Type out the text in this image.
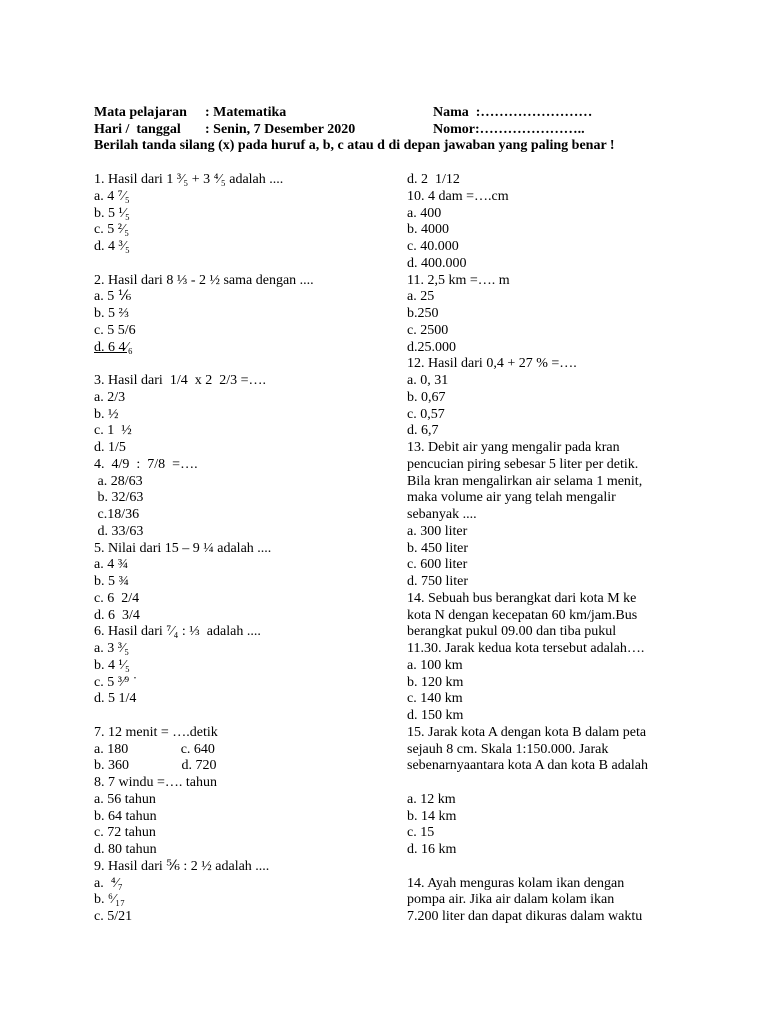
Mata pelajaran : Matematika	Nama  :……………………
Hari /  tanggal : Senin, 7 Desember 2020	Nomor:…………………..
Berilah tanda silang (x) pada huruf a, b, c atau d di depan jawaban yang paling benar !
1. Hasil dari 1 ³⁄₅ + 3 ⁴⁄₅ adalah ....
a. 4 ⁷⁄₅
b. 5 ¹⁄₅
c. 5 ²⁄₅
d. 4 ³⁄₅
2. Hasil dari 8 ⅓ - 2 ½ sama dengan ....
a. 5 ⅙
b. 5 ⅔
c. 5 5/6
d. 6 4⁄₆
3. Hasil dari  1/4  x 2  2/3 =….
a. 2/3
b. ½
c. 1  ½
d. 1/5
4.  4/9  :  7/8  =….
a. 28/63
b. 32/63
c.18/36
d. 33/63
5. Nilai dari 15 – 9 ¼ adalah ....
a. 4 ¾
b. 5 ¾
c. 6  2/4
d. 6  3/4
6. Hasil dari ⁷⁄₄ : ⅓  adalah ....
a. 3 ³⁄₅
b. 4 ¹⁄₅
c. 5 ³⁄⁹ ˙
d. 5 1/4
7. 12 menit = ….detik
a. 180               c. 640
b. 360               d. 720
8. 7 windu =…. tahun
a. 56 tahun
b. 64 tahun
c. 72 tahun
d. 80 tahun
9. Hasil dari ⅚ : 2 ½ adalah ....
a.  ⁴⁄₇
b. ⁶⁄₁₇
c. 5/21
d. 2  1/12
10. 4 dam =….cm
a. 400
b. 4000
c. 40.000
d. 400.000
11. 2,5 km =…. m
a. 25
b.250
c. 2500
d.25.000
12. Hasil dari 0,4 + 27 % =….
a. 0, 31
b. 0,67
c. 0,57
d. 6,7
13. Debit air yang mengalir pada kran
pencucian piring sebesar 5 liter per detik.
Bila kran mengalirkan air selama 1 menit,
maka volume air yang telah mengalir
sebanyak ....
a. 300 liter
b. 450 liter
c. 600 liter
d. 750 liter
14. Sebuah bus berangkat dari kota M ke
kota N dengan kecepatan 60 km/jam.Bus
berangkat pukul 09.00 dan tiba pukul
11.30. Jarak kedua kota tersebut adalah….
a. 100 km
b. 120 km
c. 140 km
d. 150 km
15. Jarak kota A dengan kota B dalam peta
sejauh 8 cm. Skala 1:150.000. Jarak
sebenarnyaantara kota A dan kota B adalah
a. 12 km
b. 14 km
c. 15
d. 16 km
14. Ayah menguras kolam ikan dengan
pompa air. Jika air dalam kolam ikan
7.200 liter dan dapat dikuras dalam waktu
